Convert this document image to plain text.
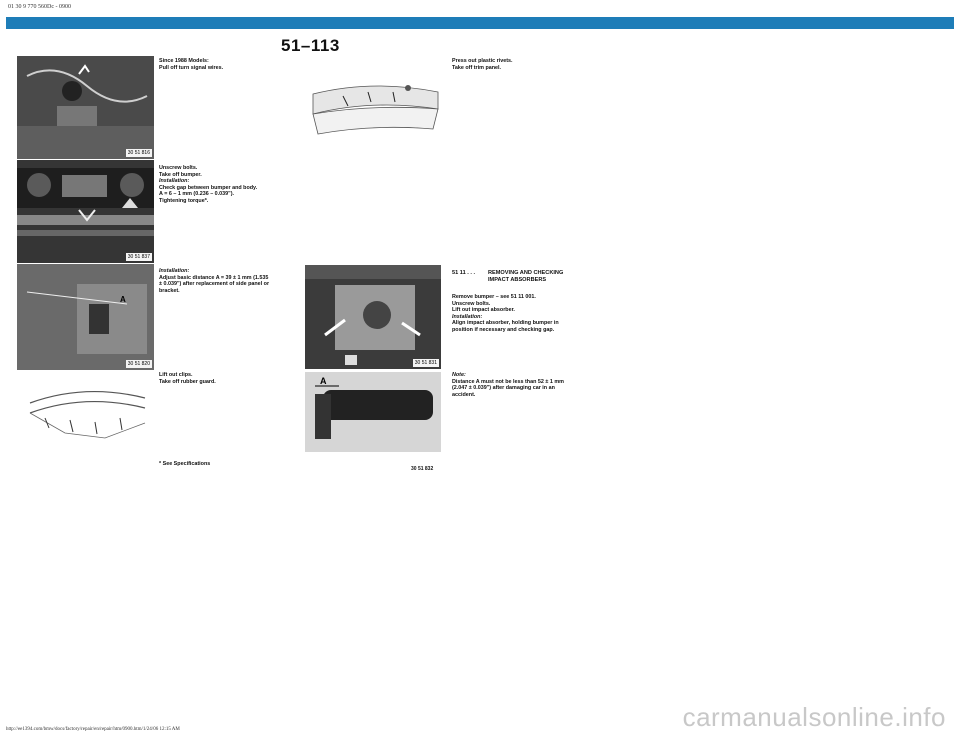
01 30 9 770 560Dc - 0900
51–113
30 51 816
30 51 837
A
30 51 820
Since 1988 Models:
Pull off turn signal wires.
Unscrew bolts.
Take off bumper.
Installation:
Check gap between bumper and body.
A = 6 – 1 mm (0.236 – 0.039").
Tightening torque*.
Installation:
Adjust basic distance A = 39 ± 1 mm (1.535
± 0.039") after replacement of side panel or
bracket.
Lift out clips.
Take off rubber guard.
* See Specifications
Press out plastic rivets.
Take off trim panel.
30 51 831
A
30 51 832
51 11 . . . REMOVING AND CHECKING
IMPACT ABSORBERS
Remove bumper – see 51 11 001.
Unscrew bolts.
Lift out impact absorber.
Installation:
Align impact absorber, holding bumper in
position if necessary and checking gap.
Note:
Distance A must not be less than 52 ± 1 mm
(2.047 ± 0.039") after damaging car in an
accident.
carmanualsonline.info
http://ee1394.com/bmw/docs/factory/repair/en/repair/htm/0900.htm/1/24/06 12:15 AM
